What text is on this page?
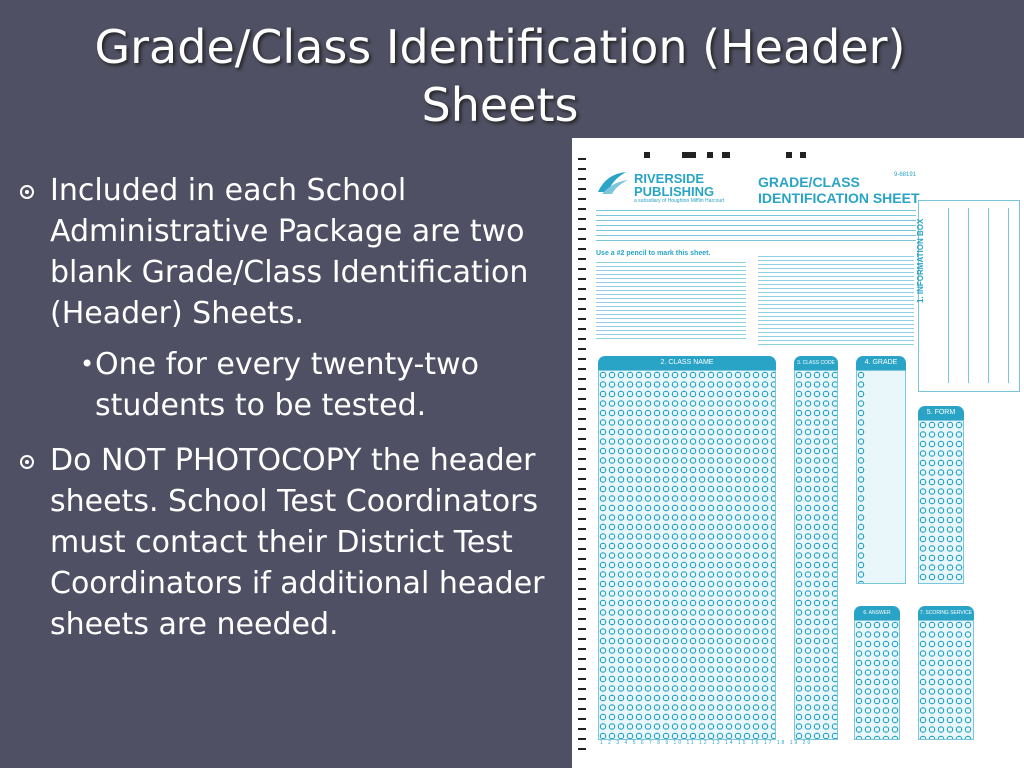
Grade/Class Identification (Header)
Sheets
Included in each School Administrative Package are two blank Grade/Class Identification (Header) Sheets.
• One for every twenty-two students to be tested.
Do NOT PHOTOCOPY the header sheets. School Test Coordinators must contact their District Test Coordinators if additional header sheets are needed.
RIVERSIDE
PUBLISHING
a subsidiary of Houghton Mifflin Harcourt
GRADE/CLASS
IDENTIFICATION SHEET
9-68191
Use a #2 pencil to mark this sheet.	1. INFORMATION BOX
2. CLASS NAME
1 2 3 4 5 6 7 8 9 10 11 12 13 14 15 16 17 18 19 20
3. CLASS CODE	4. GRADE
5. FORM
6. ANSWER	7. SCORING SERVICE
